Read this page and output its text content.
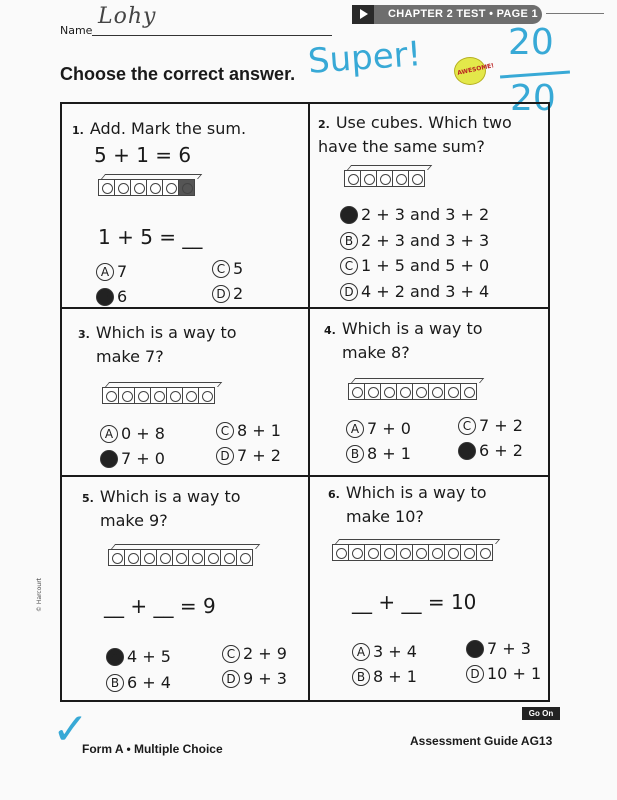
Name
Lohy	CHAPTER 2 TEST • PAGE 1
Choose the correct answer. Super!	AWESOME!
20
20
1. Add. Mark the sum.
5 + 1 = 6
1 + 5 = __
A 7
B 6
C 5
D 2
2. Use cubes. Which two
have the same sum?
A 2 + 3 and 3 + 2
B 2 + 3 and 3 + 3
C 1 + 5 and 5 + 0
D 4 + 2 and 3 + 4
3. Which is a way to
make 7?
A 0 + 8
B 7 + 0
C 8 + 1
D 7 + 2
4. Which is a way to
make 8?
A 7 + 0
B 8 + 1
C 7 + 2
D 6 + 2
5. Which is a way to
make 9?
__ + __ = 9
A 4 + 5
B 6 + 4
C 2 + 9
D 9 + 3
6. Which is a way to
make 10?
__ + __ = 10
A 3 + 4
B 8 + 1
C 7 + 3
D 10 + 1
Go On
Form A • Multiple Choice
Assessment Guide AG13
© Harcourt
✓
